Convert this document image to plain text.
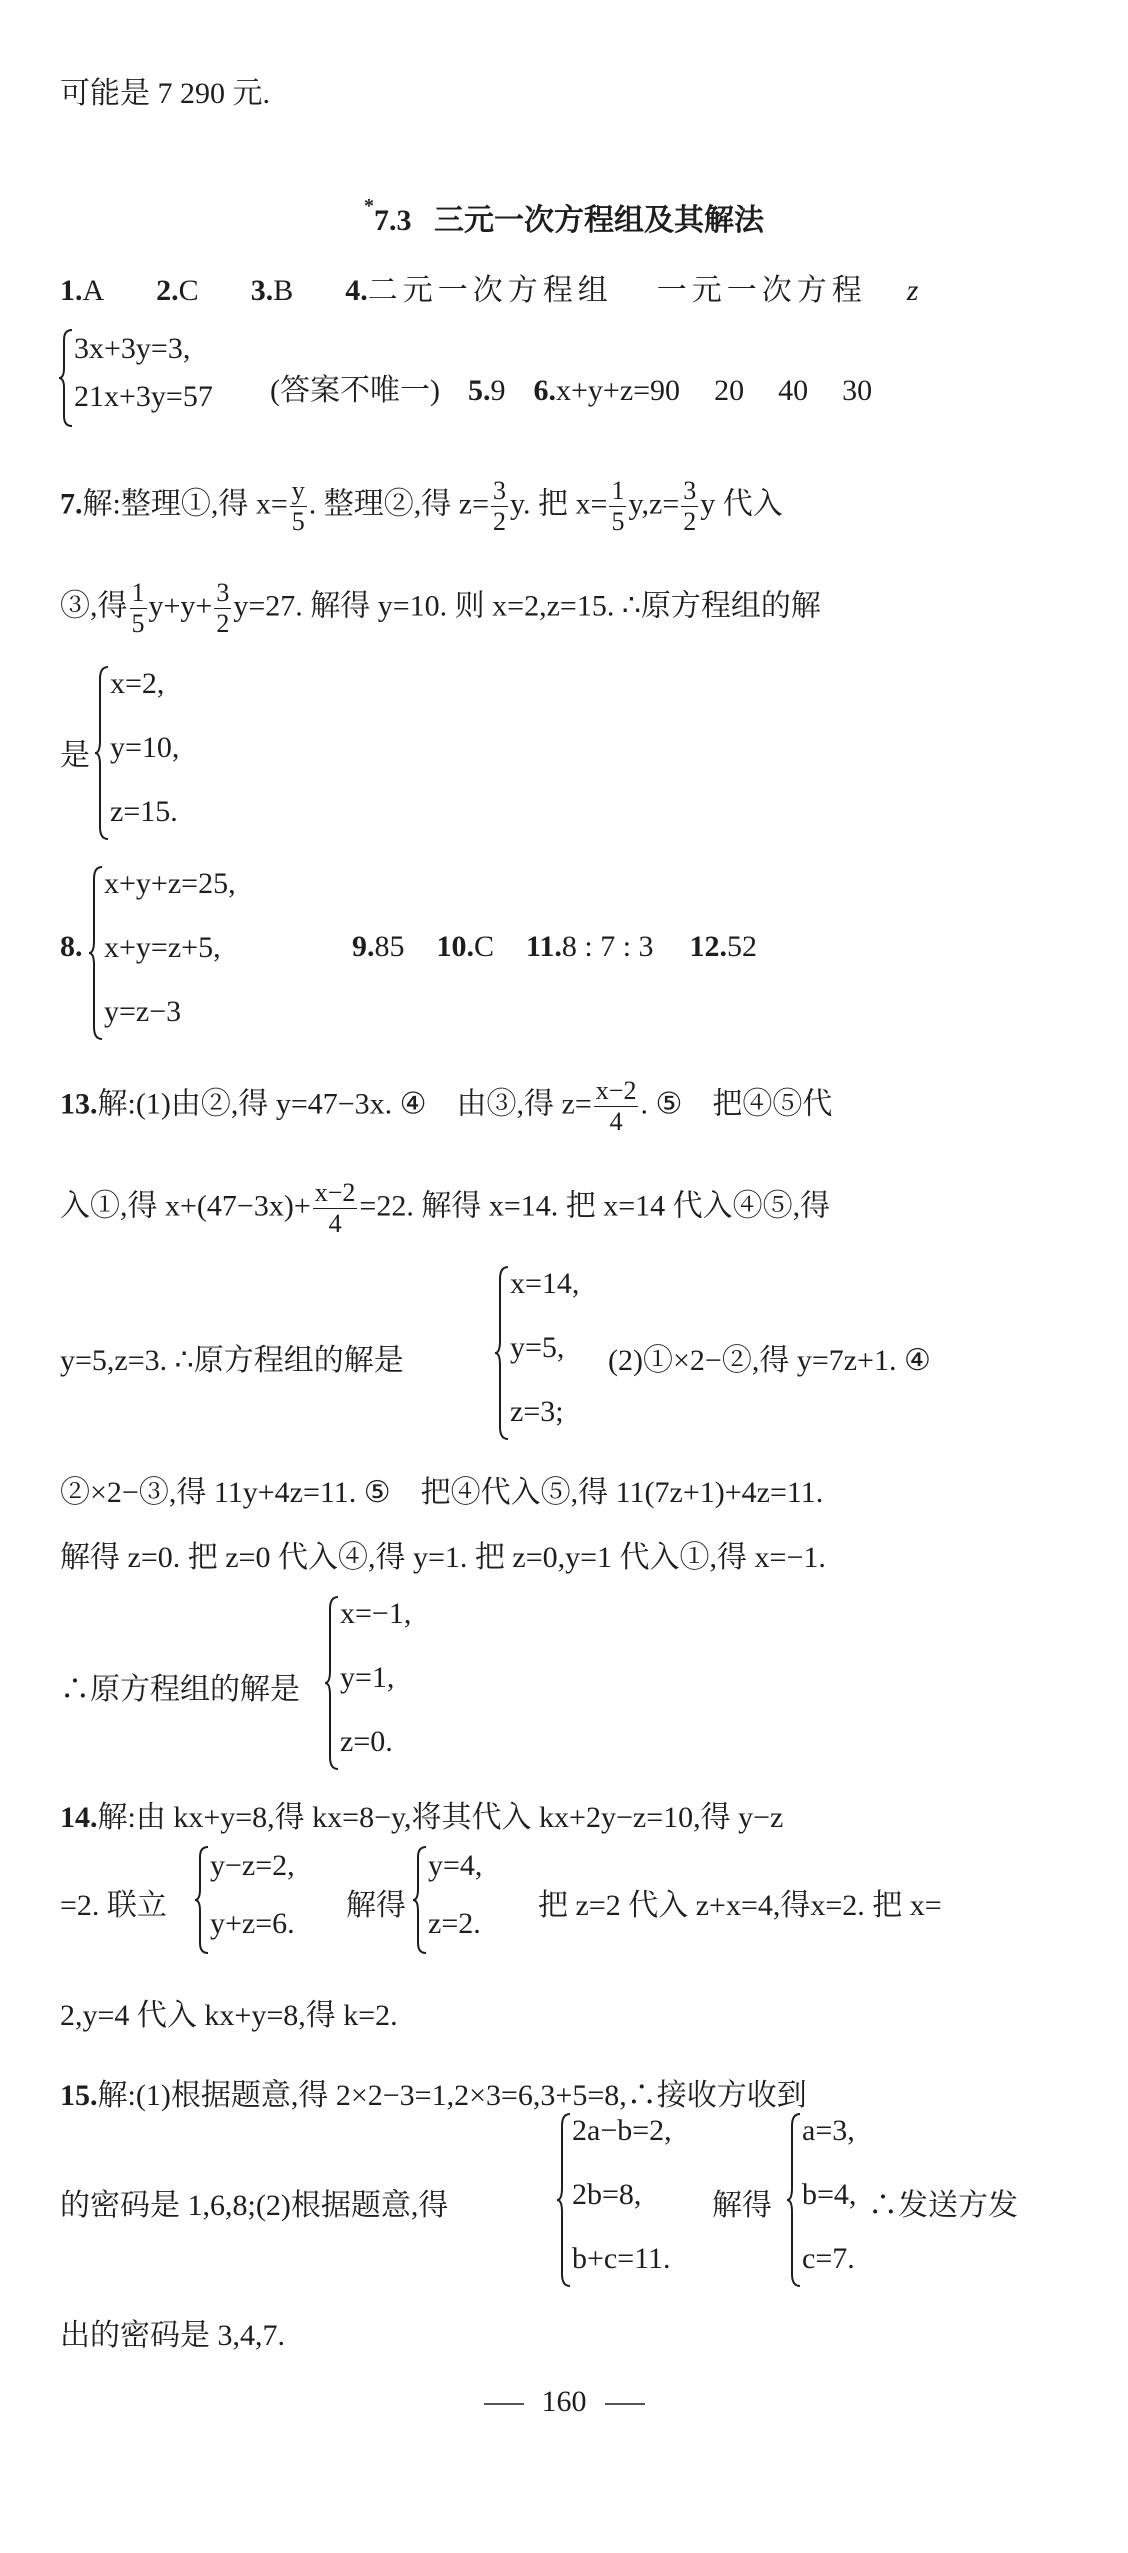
可能是 7 290 元.
*7.3 三元一次方程组及其解法
1.A 2.C 3.B 4.二元一次方程组 一元一次方程 z
3x+3y=3,
21x+3y=57 (答案不唯一) 5.9 6.x+y+z=90 20 40 30
7.解:整理①,得 $x= \frac{y}{5}$ . 整理②,得 $z= \frac{3}{2} y$. 把 $x= \frac{1}{5} y,z= \frac{3}{2}$ y 代入
③,得 $\frac{1}{5} y+y+ \frac{3}{2} y=27$. 解得 y=10. 则 x=2,z=15. ∴原方程组的解
是
x=2,
y=10,
z=15.
8.
x+y+z=25,
x+y=z+5,
y=z−3
9.85 10.C 11.8 : 7 : 3 12.52
13.解:(1)由②,得 y=47−3x. ④　由③,得 $z= \frac{x-2}{4}$ . ⑤　把④⑤代
入①,得 $x+(47-3x)+ \frac{x-2}{4} =22$. 解得 x=14. 把 x=14 代入④⑤,得
y=5,z=3. ∴原方程组的解是
x=14,
y=5,
z=3;
(2)①×2−②,得 y=7z+1. ④
②×2−③,得 11y+4z=11. ⑤　把④代入⑤,得 11(7z+1)+4z=11.
解得 z=0. 把 z=0 代入④,得 y=1. 把 z=0,y=1 代入①,得 x=−1.
∴原方程组的解是
x=−1,
y=1,
z=0.
14.解:由 kx+y=8,得 kx=8−y,将其代入 kx+2y−z=10,得 y−z
=2. 联立
y−z=2,
y+z=6.
解得
y=4,
z=2.
把 z=2 代入 z+x=4,得x=2. 把 x=
2,y=4 代入 kx+y=8,得 k=2.
15.解:(1)根据题意,得 2×2−3=1,2×3=6,3+5=8,∴接收方收到
的密码是 1,6,8;(2)根据题意,得
2a−b=2,
2b=8,
b+c=11.
解得
a=3,
b=4,
c=7.
∴发送方发
出的密码是 3,4,7.
160
